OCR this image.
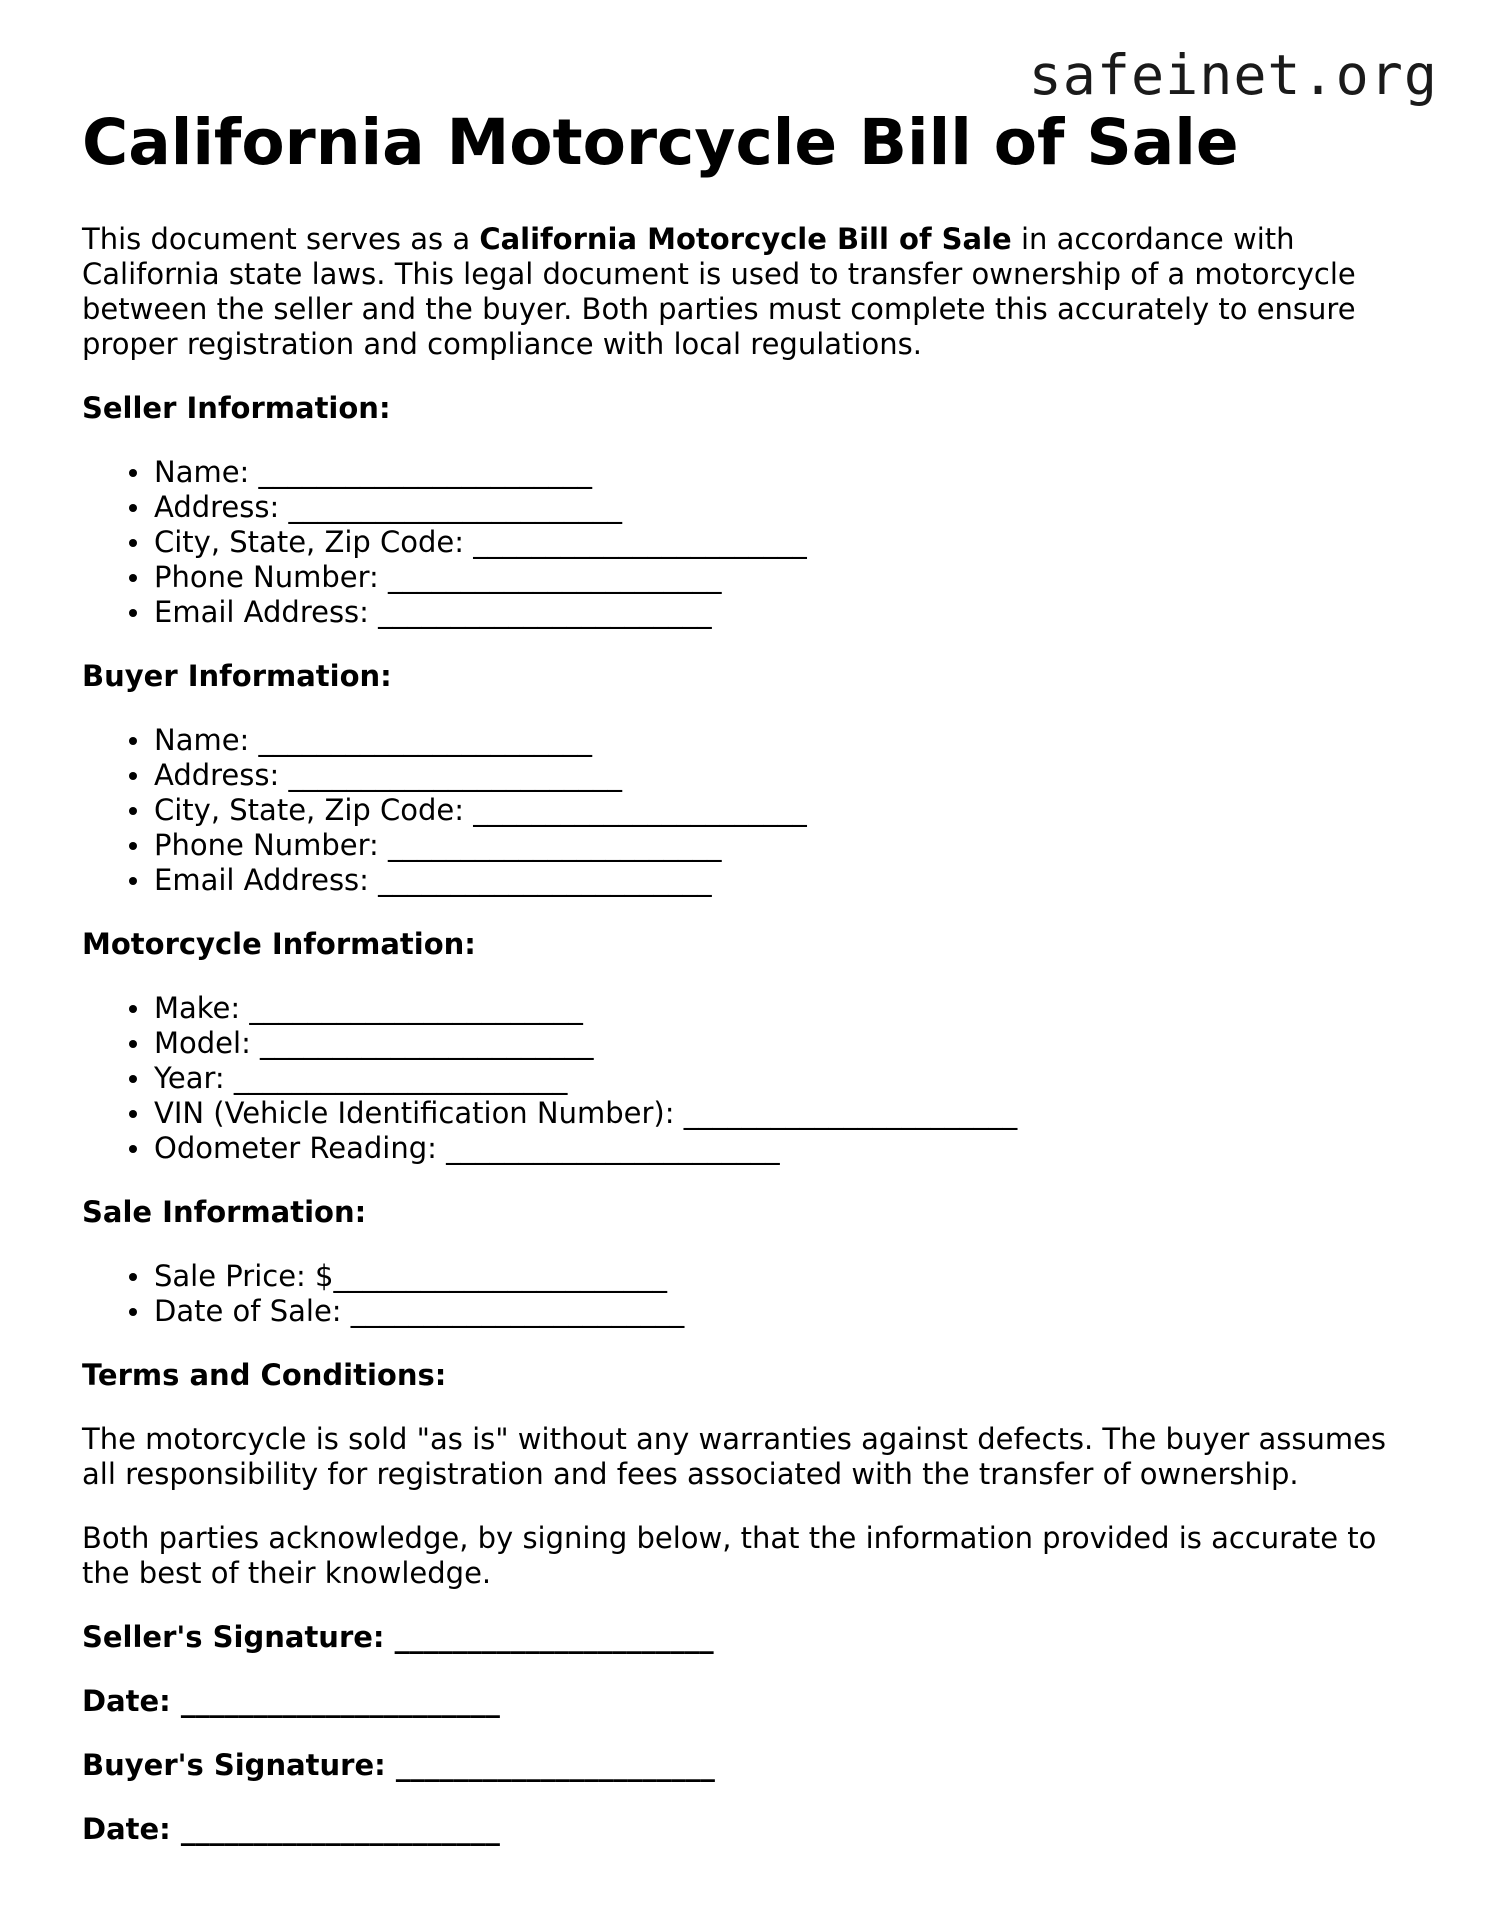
safeinet.org
California Motorcycle Bill of Sale

This document serves as a California Motorcycle Bill of Sale in accordance with California state laws. This legal document is used to transfer ownership of a motorcycle between the seller and the buyer. Both parties must complete this accurately to ensure proper registration and compliance with local regulations.

Seller Information:

Name: _______________________
Address: _______________________
City, State, Zip Code: _______________________
Phone Number: _______________________
Email Address: _______________________

Buyer Information:

Name: _______________________
Address: _______________________
City, State, Zip Code: _______________________
Phone Number: _______________________
Email Address: _______________________

Motorcycle Information:

Make: _______________________
Model: _______________________
Year: _______________________
VIN (Vehicle Identification Number): _______________________
Odometer Reading: _______________________

Sale Information:

Sale Price: $_______________________
Date of Sale: _______________________

Terms and Conditions:

The motorcycle is sold "as is" without any warranties against defects. The buyer assumes all responsibility for registration and fees associated with the transfer of ownership.

Both parties acknowledge, by signing below, that the information provided is accurate to the best of their knowledge.

Seller's Signature: ______________________

Date: ______________________

Buyer's Signature: ______________________

Date: ______________________
